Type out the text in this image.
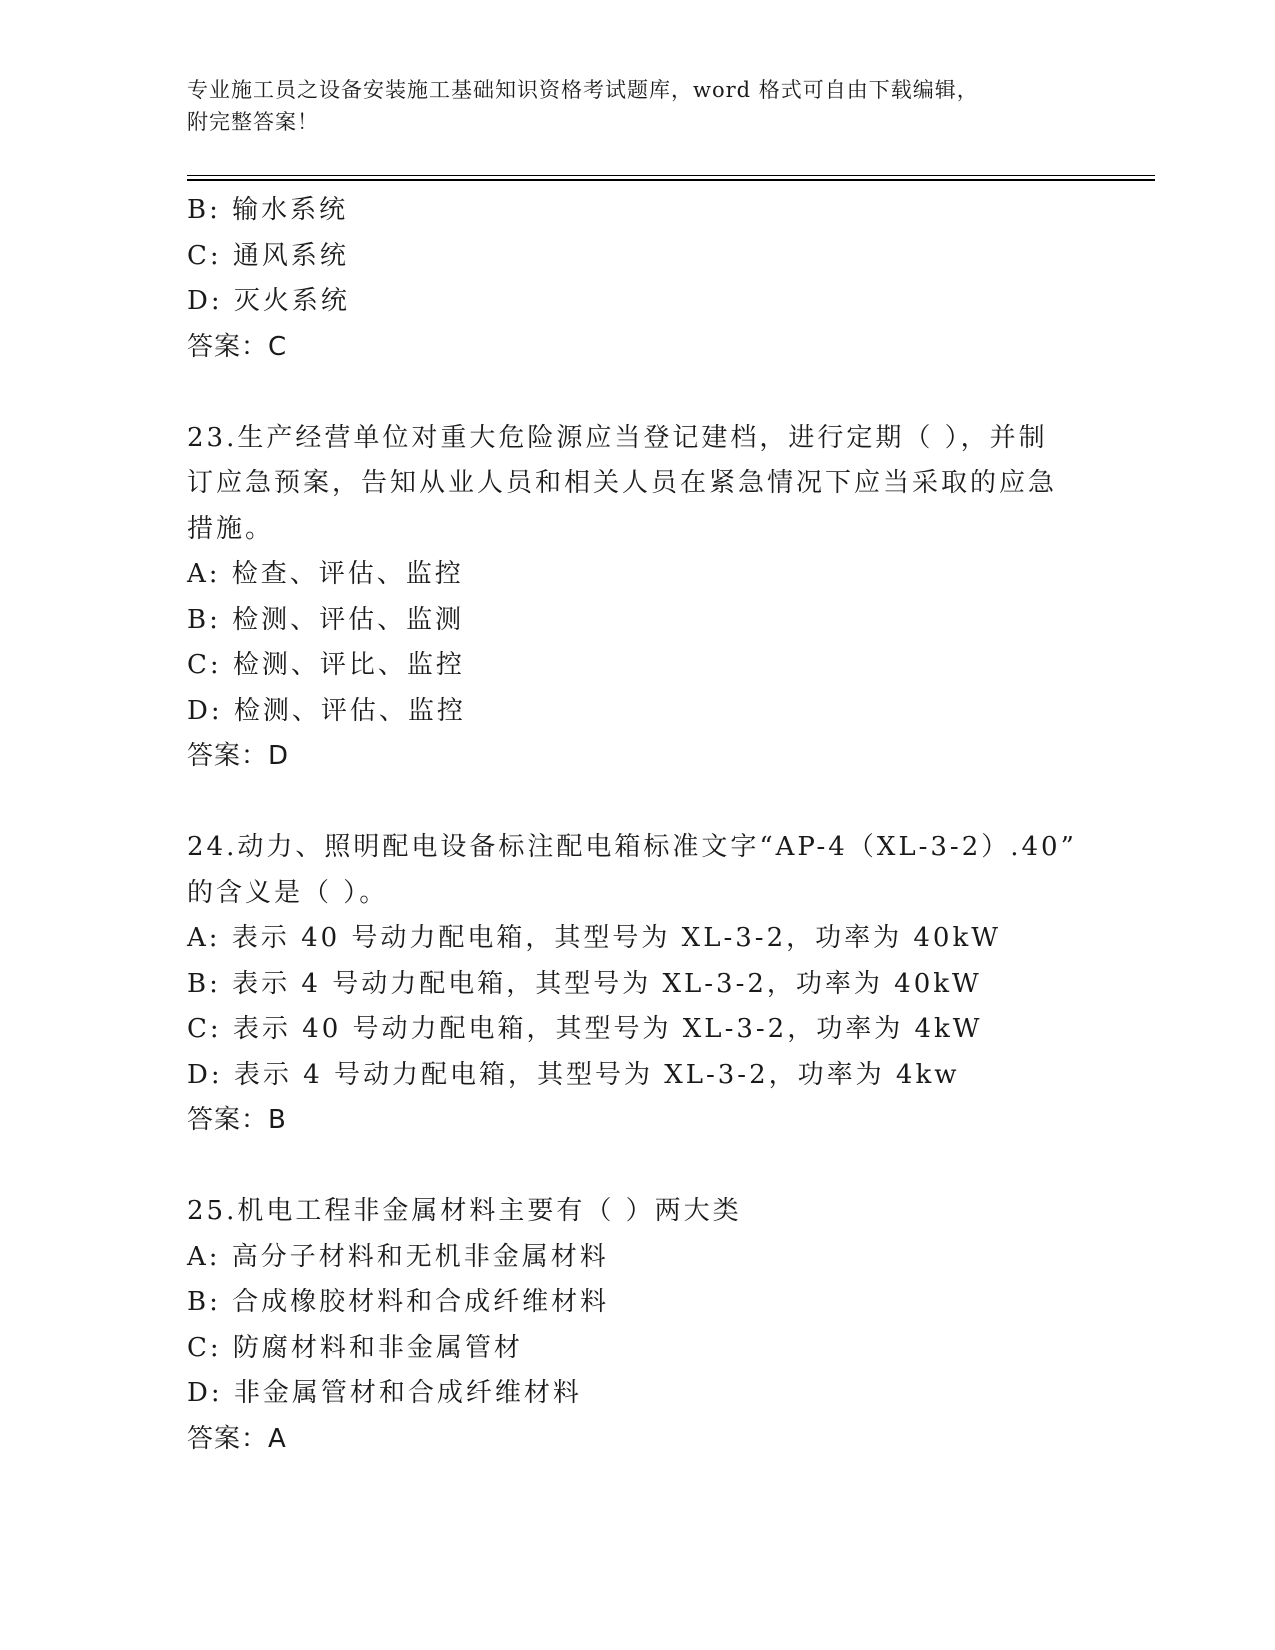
专业施工员之设备安装施工基础知识资格考试题库，word 格式可自由下载编辑，
附完整答案！
B: 输水系统
C: 通风系统
D: 灭火系统
答案：C
23.生产经营单位对重大危险源应当登记建档，进行定期（ ），并制
订应急预案，告知从业人员和相关人员在紧急情况下应当采取的应急
措施。
A: 检查、评估、监控
B: 检测、评估、监测
C: 检测、评比、监控
D: 检测、评估、监控
答案：D
24.动力、照明配电设备标注配电箱标准文字“AP-4（XL-3-2）.40”
的含义是（ ）。
A: 表示 40 号动力配电箱，其型号为 XL-3-2，功率为 40kW
B: 表示 4 号动力配电箱，其型号为 XL-3-2，功率为 40kW
C: 表示 40 号动力配电箱，其型号为 XL-3-2，功率为 4kW
D: 表示 4 号动力配电箱，其型号为 XL-3-2，功率为 4kw
答案：B
25.机电工程非金属材料主要有（ ）两大类
A: 高分子材料和无机非金属材料
B: 合成橡胶材料和合成纤维材料
C: 防腐材料和非金属管材
D: 非金属管材和合成纤维材料
答案：A
